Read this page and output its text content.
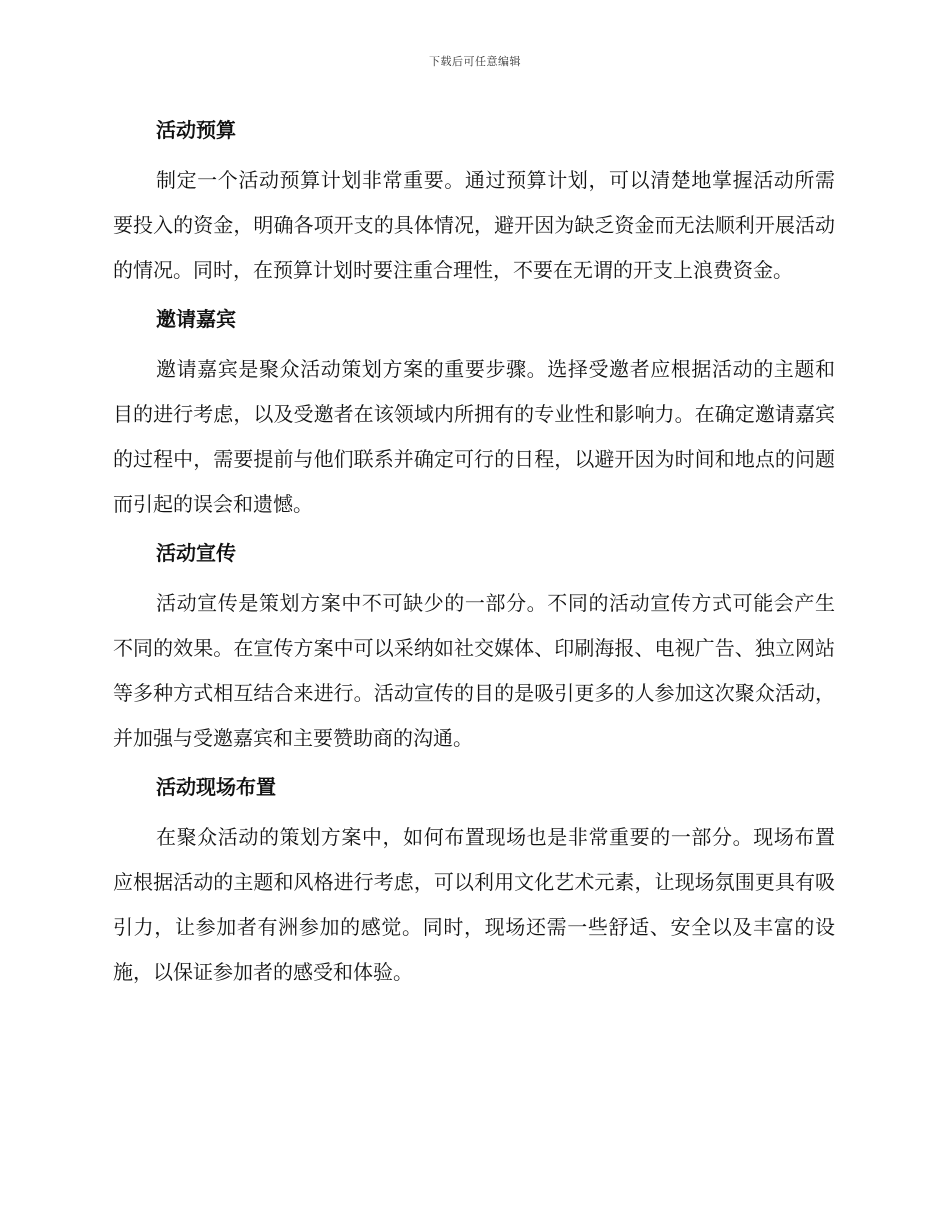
下载后可任意编辑
活动预算

制定一个活动预算计划非常重要。通过预算计划，可以清楚地掌握活动所需要投入的资金，明确各项开支的具体情况，避开因为缺乏资金而无法顺利开展活动的情况。同时，在预算计划时要注重合理性，不要在无谓的开支上浪费资金。

邀请嘉宾

邀请嘉宾是聚众活动策划方案的重要步骤。选择受邀者应根据活动的主题和目的进行考虑，以及受邀者在该领域内所拥有的专业性和影响力。在确定邀请嘉宾的过程中，需要提前与他们联系并确定可行的日程，以避开因为时间和地点的问题而引起的误会和遗憾。

活动宣传

活动宣传是策划方案中不可缺少的一部分。不同的活动宣传方式可能会产生不同的效果。在宣传方案中可以采纳如社交媒体、印刷海报、电视广告、独立网站等多种方式相互结合来进行。活动宣传的目的是吸引更多的人参加这次聚众活动，并加强与受邀嘉宾和主要赞助商的沟通。

活动现场布置

在聚众活动的策划方案中，如何布置现场也是非常重要的一部分。现场布置应根据活动的主题和风格进行考虑，可以利用文化艺术元素，让现场氛围更具有吸引力，让参加者有洲参加的感觉。同时，现场还需一些舒适、安全以及丰富的设施，以保证参加者的感受和体验。
